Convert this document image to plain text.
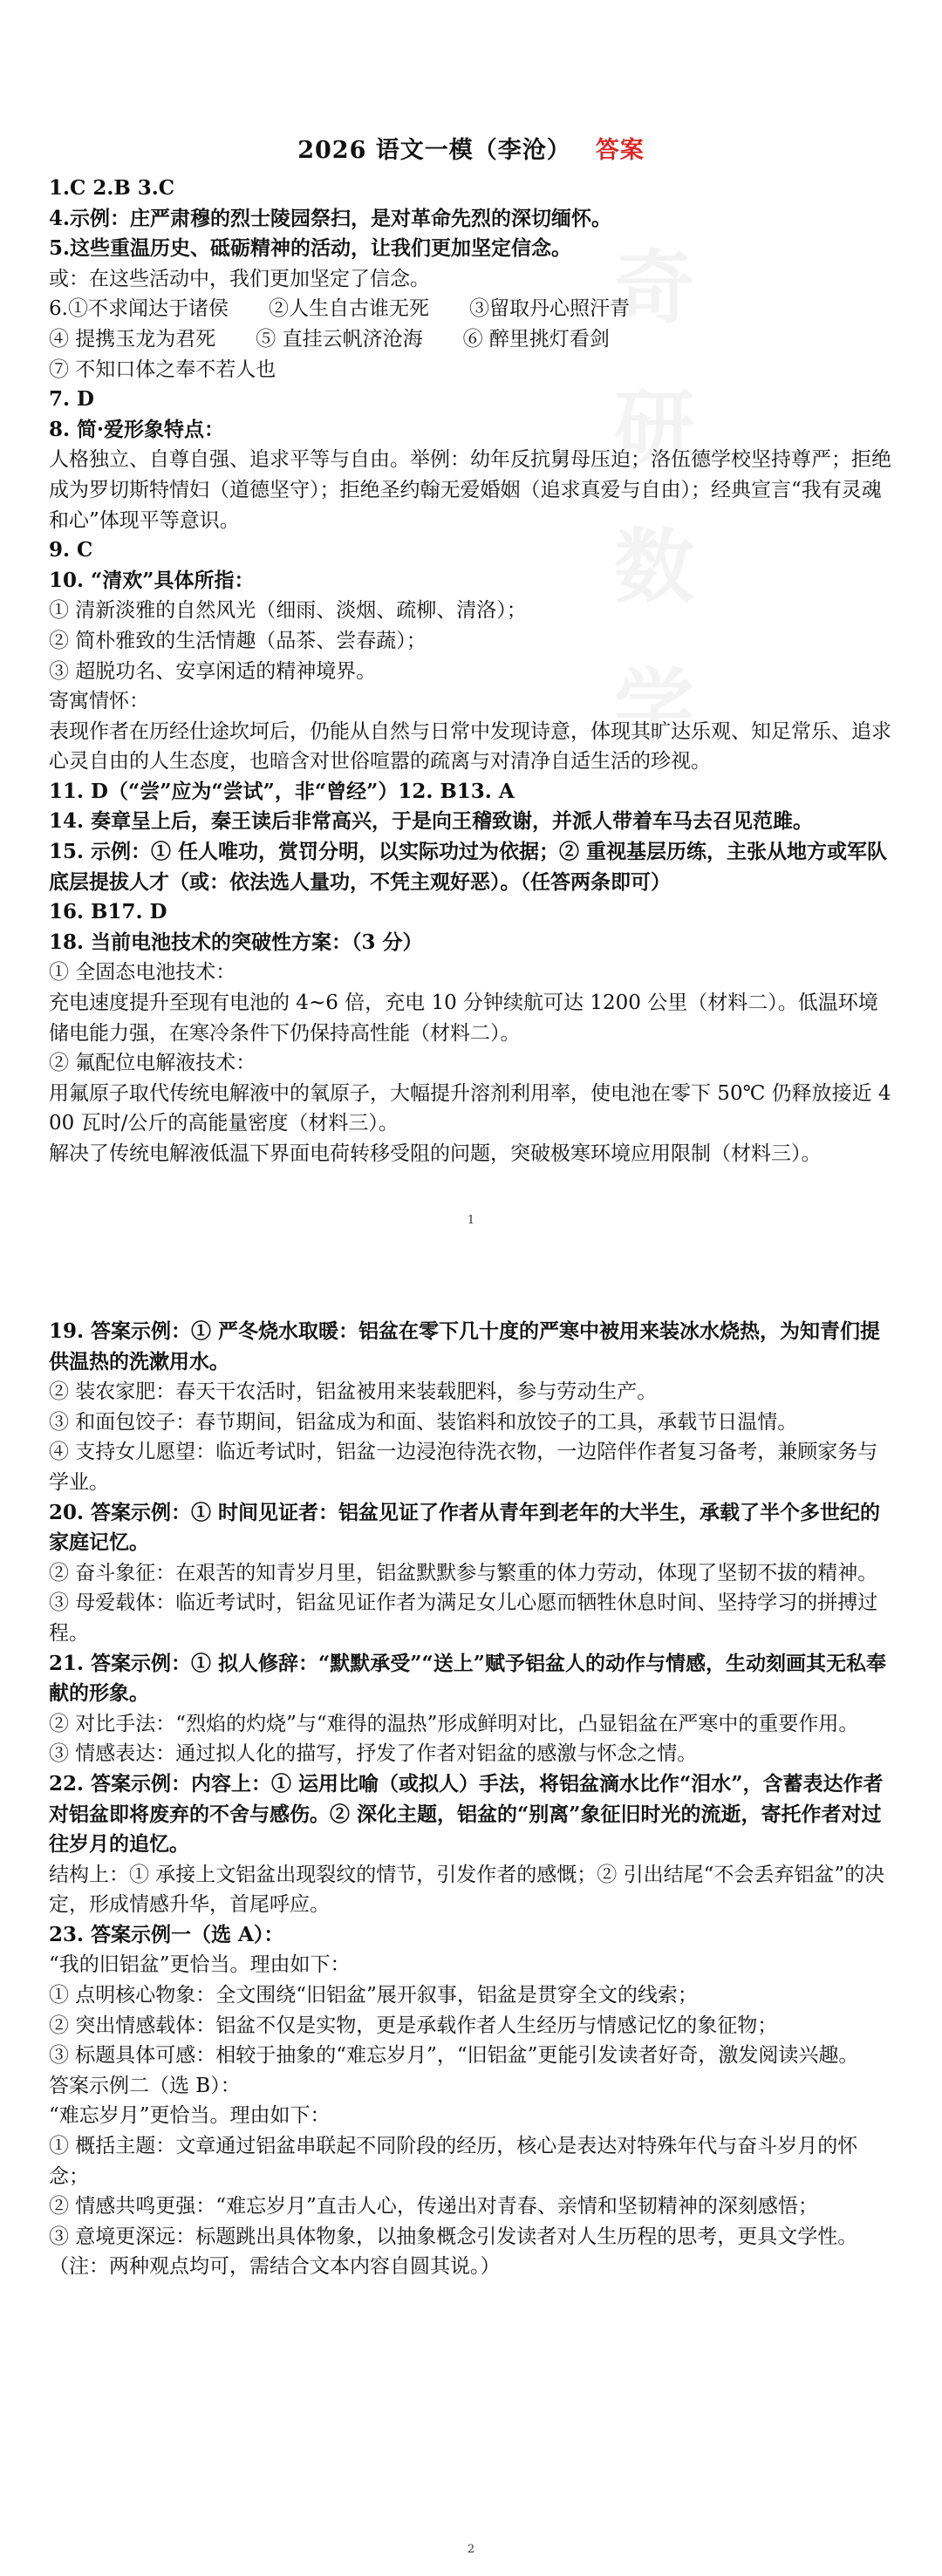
奇研数学
2026 语文一模（李沧） 答案
1.C 2.B 3.C
4.示例：庄严肃穆的烈士陵园祭扫，是对革命先烈的深切缅怀。
5.这些重温历史、砥砺精神的活动，让我们更加坚定信念。
或：在这些活动中，我们更加坚定了信念。
6.①不求闻达于诸侯　　②人生自古谁无死　　③留取丹心照汗青
④ 提携玉龙为君死　　⑤ 直挂云帆济沧海　　⑥ 醉里挑灯看剑
⑦ 不知口体之奉不若人也
7. D
8. 简·爱形象特点：
人格独立、自尊自强、追求平等与自由。举例：幼年反抗舅母压迫；洛伍德学校坚持尊严；拒绝成为罗切斯特情妇（道德坚守）；拒绝圣约翰无爱婚姻（追求真爱与自由）；经典宣言“我有灵魂和心”体现平等意识。
9. C
10. “清欢”具体所指：
① 清新淡雅的自然风光（细雨、淡烟、疏柳、清洛）；
② 简朴雅致的生活情趣（品茶、尝春蔬）；
③ 超脱功名、安享闲适的精神境界。
寄寓情怀：
表现作者在历经仕途坎坷后，仍能从自然与日常中发现诗意，体现其旷达乐观、知足常乐、追求心灵自由的人生态度，也暗含对世俗喧嚣的疏离与对清净自适生活的珍视。
11. D（“尝”应为“尝试”，非“曾经”）12. B13. A
14. 奏章呈上后，秦王读后非常高兴，于是向王稽致谢，并派人带着车马去召见范雎。
15. 示例：① 任人唯功，赏罚分明，以实际功过为依据；② 重视基层历练，主张从地方或军队底层提拔人才（或：依法选人量功，不凭主观好恶）。（任答两条即可）
16. B17. D
18. 当前电池技术的突破性方案：（3 分）
① 全固态电池技术：
充电速度提升至现有电池的 4~6 倍，充电 10 分钟续航可达 1200 公里（材料二）。低温环境储电能力强，在寒冷条件下仍保持高性能（材料二）。
② 氟配位电解液技术：
用氟原子取代传统电解液中的氧原子，大幅提升溶剂利用率，使电池在零下 50℃ 仍释放接近 400 瓦时/公斤的高能量密度（材料三）。
解决了传统电解液低温下界面电荷转移受阻的问题，突破极寒环境应用限制（材料三）。
1
19. 答案示例：① 严冬烧水取暖：铝盆在零下几十度的严寒中被用来装冰水烧热，为知青们提供温热的洗漱用水。
② 装农家肥：春天干农活时，铝盆被用来装载肥料，参与劳动生产。
③ 和面包饺子：春节期间，铝盆成为和面、装馅料和放饺子的工具，承载节日温情。
④ 支持女儿愿望：临近考试时，铝盆一边浸泡待洗衣物，一边陪伴作者复习备考，兼顾家务与学业。
20. 答案示例：① 时间见证者：铝盆见证了作者从青年到老年的大半生，承载了半个多世纪的家庭记忆。
② 奋斗象征：在艰苦的知青岁月里，铝盆默默参与繁重的体力劳动，体现了坚韧不拔的精神。
③ 母爱载体：临近考试时，铝盆见证作者为满足女儿心愿而牺牲休息时间、坚持学习的拼搏过程。
21. 答案示例：① 拟人修辞：“默默承受”“送上”赋予铝盆人的动作与情感，生动刻画其无私奉献的形象。
② 对比手法：“烈焰的灼烧”与“难得的温热”形成鲜明对比，凸显铝盆在严寒中的重要作用。
③ 情感表达：通过拟人化的描写，抒发了作者对铝盆的感激与怀念之情。
22. 答案示例：内容上：① 运用比喻（或拟人）手法，将铝盆滴水比作“泪水”，含蓄表达作者对铝盆即将废弃的不舍与感伤。② 深化主题，铝盆的“别离”象征旧时光的流逝，寄托作者对过往岁月的追忆。
结构上：① 承接上文铝盆出现裂纹的情节，引发作者的感慨；② 引出结尾“不会丢弃铝盆”的决定，形成情感升华，首尾呼应。
23. 答案示例一（选 A）：
“我的旧铝盆”更恰当。理由如下：
① 点明核心物象：全文围绕“旧铝盆”展开叙事，铝盆是贯穿全文的线索；
② 突出情感载体：铝盆不仅是实物，更是承载作者人生经历与情感记忆的象征物；
③ 标题具体可感：相较于抽象的“难忘岁月”，“旧铝盆”更能引发读者好奇，激发阅读兴趣。
答案示例二（选 B）：
“难忘岁月”更恰当。理由如下：
① 概括主题：文章通过铝盆串联起不同阶段的经历，核心是表达对特殊年代与奋斗岁月的怀念；
② 情感共鸣更强：“难忘岁月”直击人心，传递出对青春、亲情和坚韧精神的深刻感悟；
③ 意境更深远：标题跳出具体物象，以抽象概念引发读者对人生历程的思考，更具文学性。（注：两种观点均可，需结合文本内容自圆其说。）
2
